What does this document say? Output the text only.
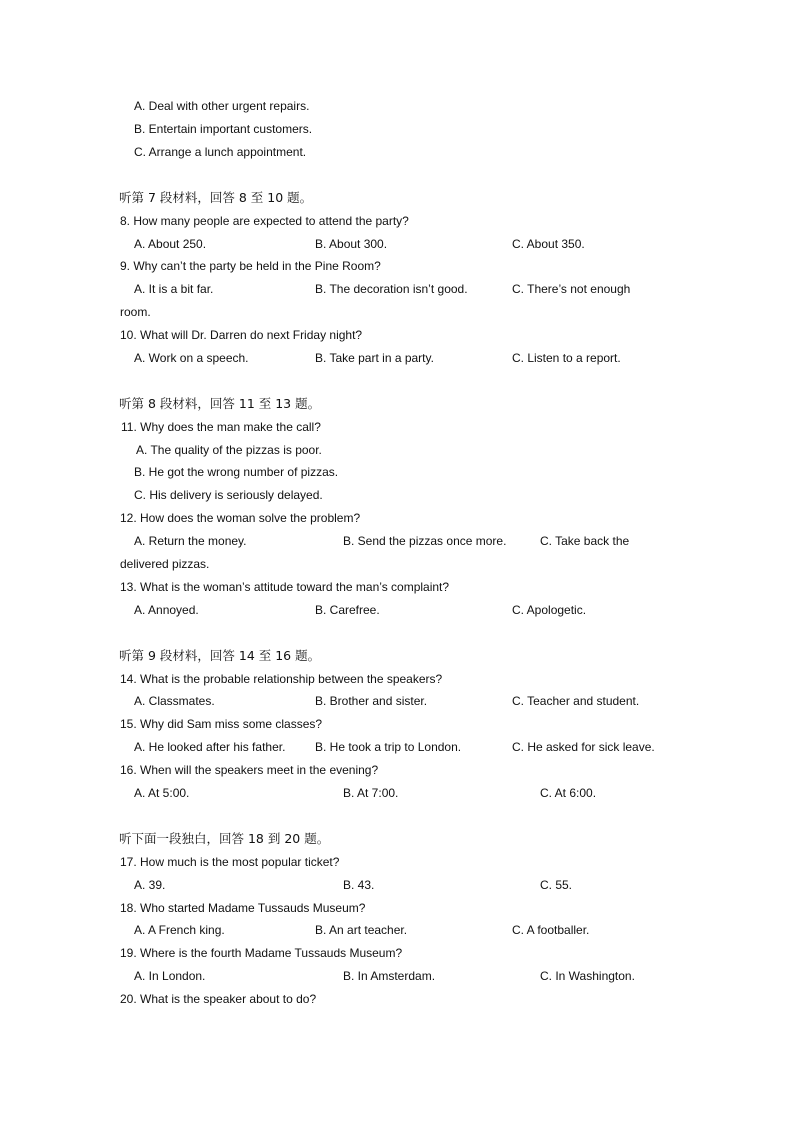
A. Deal with other urgent repairs.
B. Entertain important customers.
C. Arrange a lunch appointment.
听第 7 段材料，回答 8 至 10 题。
8. How many people are expected to attend the party?
A. About 250.	B. About 300.	C. About 350.
9. Why can’t the party be held in the Pine Room?
A. It is a bit far.	B. The decoration isn’t good.	C. There’s not enough
room.
10. What will Dr. Darren do next Friday night?
A. Work on a speech.	B. Take part in a party.	C. Listen to a report.
听第 8 段材料，回答 11 至 13 题。
11. Why does the man make the call?
A. The quality of the pizzas is poor.
B. He got the wrong number of pizzas.
C. His delivery is seriously delayed.
12. How does the woman solve the problem?
A. Return the money.	B. Send the pizzas once more.	C. Take back the
delivered pizzas.
13. What is the woman’s attitude toward the man’s complaint?
A. Annoyed.	B. Carefree.	C. Apologetic.
听第 9 段材料，回答 14 至 16 题。
14. What is the probable relationship between the speakers?
A. Classmates.	B. Brother and sister.	C. Teacher and student.
15. Why did Sam miss some classes?
A. He looked after his father. B. He took a trip to London.	C. He asked for sick leave.
16. When will the speakers meet in the evening?
A. At 5:00.	B. At 7:00.	C. At 6:00.
听下面一段独白，回答 18 到 20 题。
17. How much is the most popular ticket?
A. 39.	B. 43.	C. 55.
18. Who started Madame Tussauds Museum?
A. A French king.	B. An art teacher.	C. A footballer.
19. Where is the fourth Madame Tussauds Museum?
A. In London.	B. In Amsterdam.	C. In Washington.
20. What is the speaker about to do?
